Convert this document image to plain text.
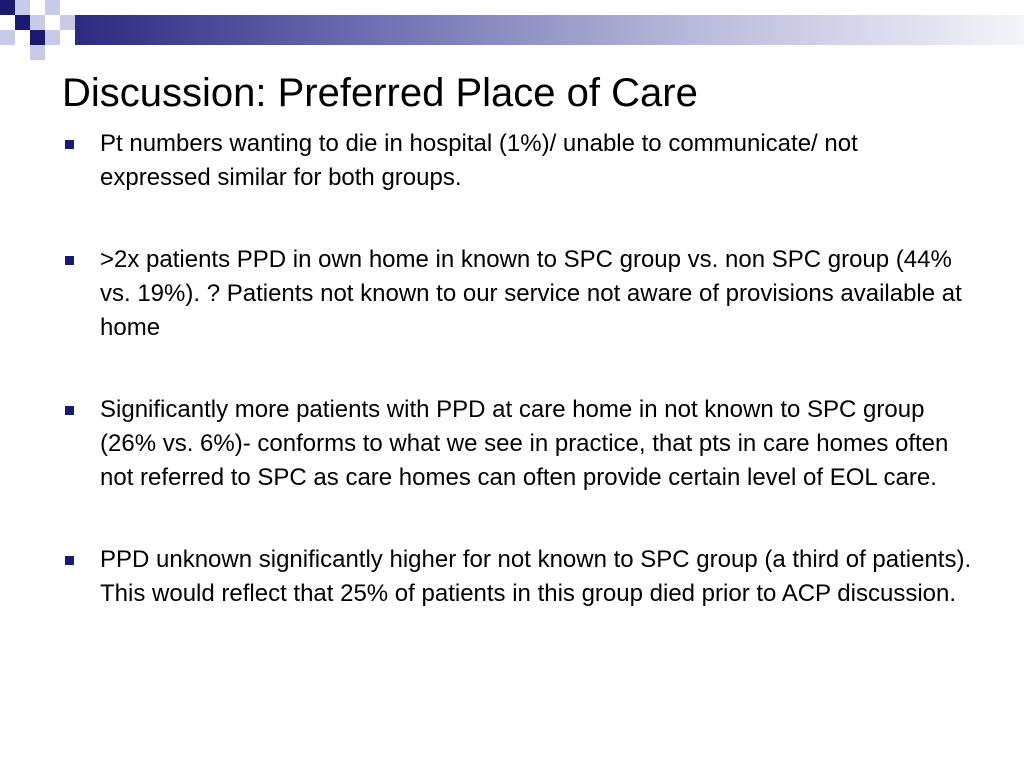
Discussion: Preferred Place of Care
Pt numbers wanting to die in hospital (1%)/ unable to communicate/ not expressed similar for both groups.
>2x patients PPD in own home in known to SPC group vs. non SPC group (44% vs. 19%). ? Patients not known to our service not aware of provisions available at home
Significantly more patients with PPD at care home in not known to SPC group (26% vs. 6%)- conforms to what we see in practice, that pts in care homes often not referred to SPC as care homes can often provide certain level of EOL care.
PPD unknown significantly higher for not known to SPC group (a third of patients). This would reflect that 25% of patients in this group died prior to ACP discussion.
